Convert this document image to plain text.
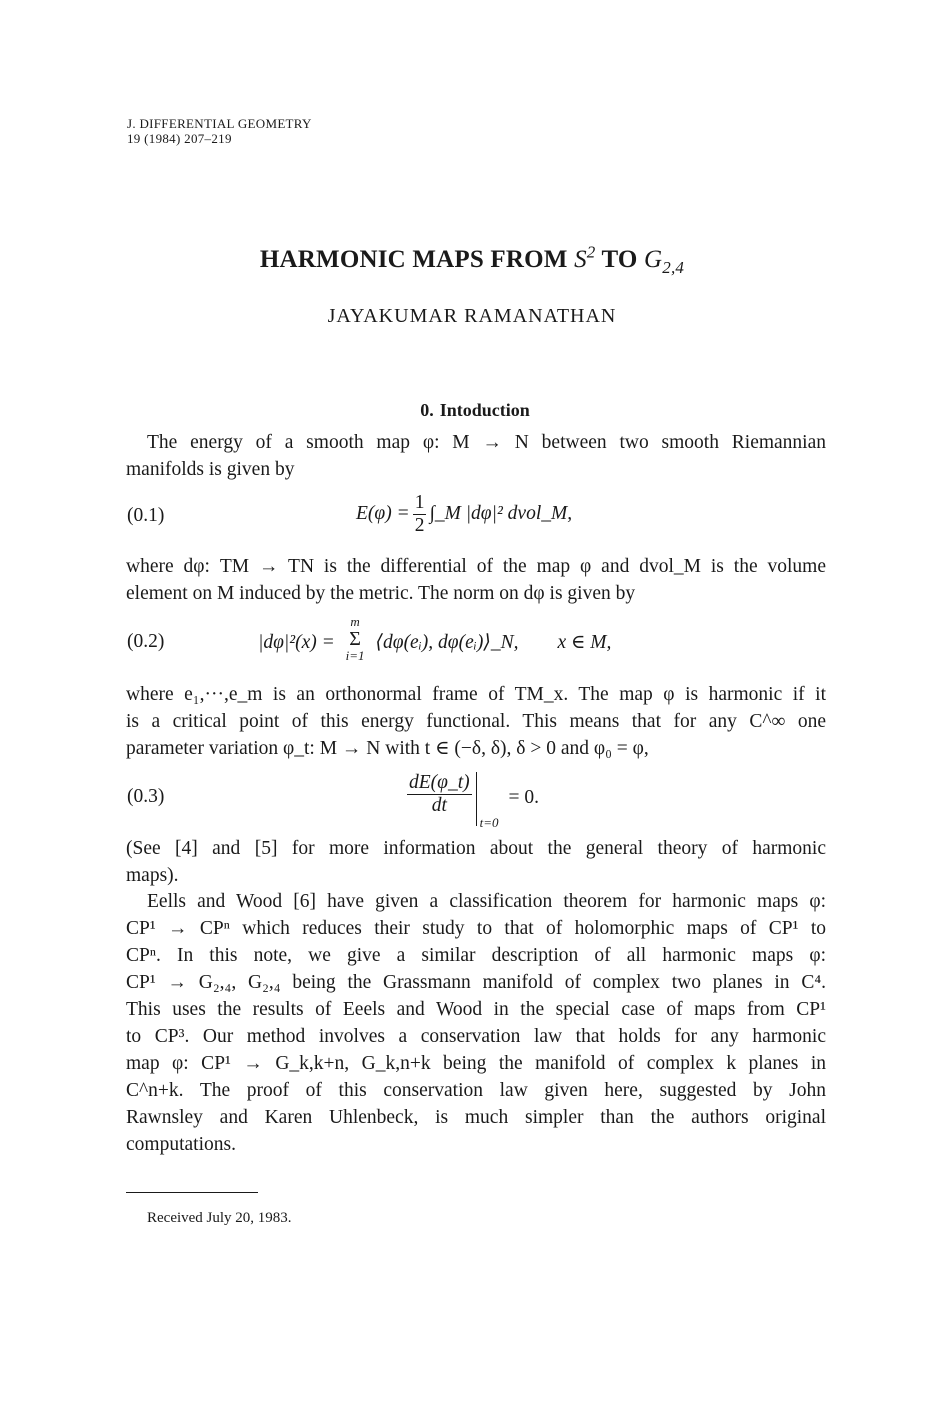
J. DIFFERENTIAL GEOMETRY
19 (1984) 207–219
HARMONIC MAPS FROM $S^2$ TO $G_{2,4}$
JAYAKUMAR RAMANATHAN
0. Intoduction
The energy of a smooth map φ: M → N between two smooth Riemannian
manifolds is given by
(0.1)	$E(\varphi) = \frac{1}{2}$ ∫_M |dφ|² dvol_M,
where dφ: TM → TN is the differential of the map φ and dvol_M is the volume
element on M induced by the metric. The norm on dφ is given by
(0.2)	|dφ|²(x) =
m
Σ
i=1
⟨dφ(eᵢ), dφ(eᵢ)⟩_N, x ∈ M,
where e₁,···,e_m is an orthonormal frame of TM_x. The map φ is harmonic if it
is a critical point of this energy functional. This means that for any C^∞ one
parameter variation φ_t: M → N with t ∈ (−δ, δ), δ > 0 and φ₀ = φ,
(0.3)	$\frac{dE(\varphi\_t)}{dt} _{t=0}= 0$.
(See [4] and [5] for more information about the general theory of harmonic
maps).
Eells and Wood [6] have given a classification theorem for harmonic maps φ:
CP¹ → CPⁿ which reduces their study to that of holomorphic maps of CP¹ to
CPⁿ. In this note, we give a similar description of all harmonic maps φ:
CP¹ → G₂,₄, G₂,₄ being the Grassmann manifold of complex two planes in C⁴.
This uses the results of Eeels and Wood in the special case of maps from CP¹
to CP³. Our method involves a conservation law that holds for any harmonic
map φ: CP¹ → G_k,k+n, G_k,n+k being the manifold of complex k planes in
C^n+k. The proof of this conservation law given here, suggested by John
Rawnsley and Karen Uhlenbeck, is much simpler than the authors original
computations.
Received July 20, 1983.
